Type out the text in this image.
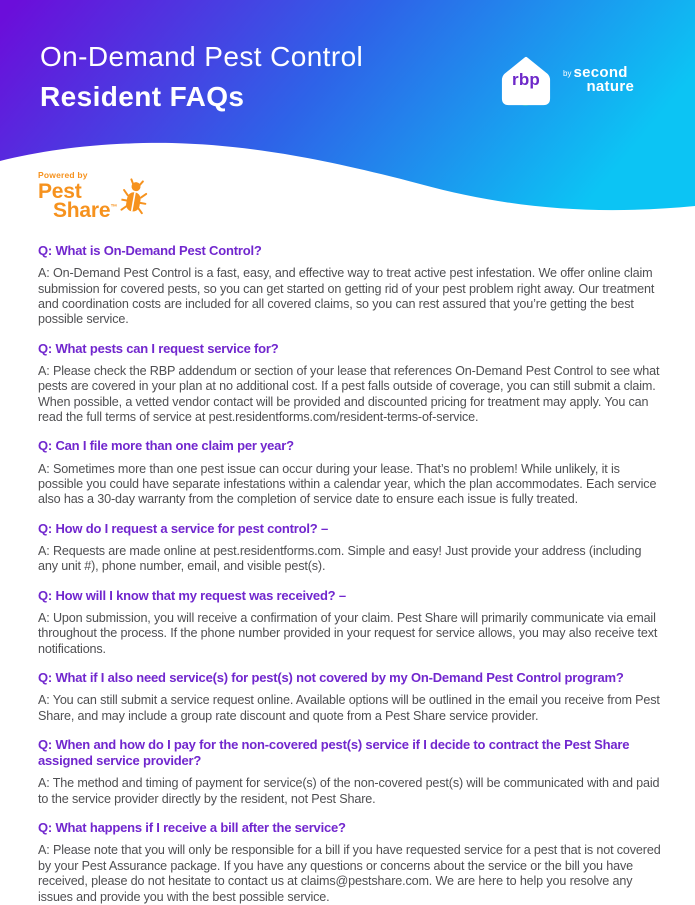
On-Demand Pest Control
Resident FAQs
rbp	by second
nature
Powered by
Pest
Share™
Q: What is On-Demand Pest Control?

A: On-Demand Pest Control is a fast, easy, and effective way to treat active pest infestation. We offer online claim submission for covered pests, so you can get started on getting rid of your pest problem right away. Our treatment and coordination costs are included for all covered claims, so you can rest assured that you’re getting the best possible service.

Q: What pests can I request service for?

A: Please check the RBP addendum or section of your lease that references On-Demand Pest Control to see what pests are covered in your plan at no additional cost. If a pest falls outside of coverage, you can still submit a claim. When possible, a vetted vendor contact will be provided and discounted pricing for treatment may apply. You can read the full terms of service at pest.residentforms.com/resident-terms-of-service.

Q: Can I file more than one claim per year?

A: Sometimes more than one pest issue can occur during your lease. That’s no problem! While unlikely, it is possible you could have separate infestations within a calendar year, which the plan accommodates. Each service also has a 30-day warranty from the completion of service date to ensure each issue is fully treated.

Q: How do I request a service for pest control? –

A: Requests are made online at pest.residentforms.com. Simple and easy! Just provide your address (including any unit #), phone number, email, and visible pest(s).

Q: How will I know that my request was received? –

A: Upon submission, you will receive a confirmation of your claim. Pest Share will primarily communicate via email throughout the process. If the phone number provided in your request for service allows, you may also receive text notifications.

Q: What if I also need service(s) for pest(s) not covered by my On-Demand Pest Control program?

A: You can still submit a service request online. Available options will be outlined in the email you receive from Pest Share, and may include a group rate discount and quote from a Pest Share service provider.

Q: When and how do I pay for the non-covered pest(s) service if I decide to contract the Pest Share assigned service provider?

A: The method and timing of payment for service(s) of the non-covered pest(s) will be communicated with and paid to the service provider directly by the resident, not Pest Share.

Q: What happens if I receive a bill after the service?

A: Please note that you will only be responsible for a bill if you have requested service for a pest that is not covered by your Pest Assurance package. If you have any questions or concerns about the service or the bill you have received, please do not hesitate to contact us at claims@pestshare.com. We are here to help you resolve any issues and provide you with the best possible service.
